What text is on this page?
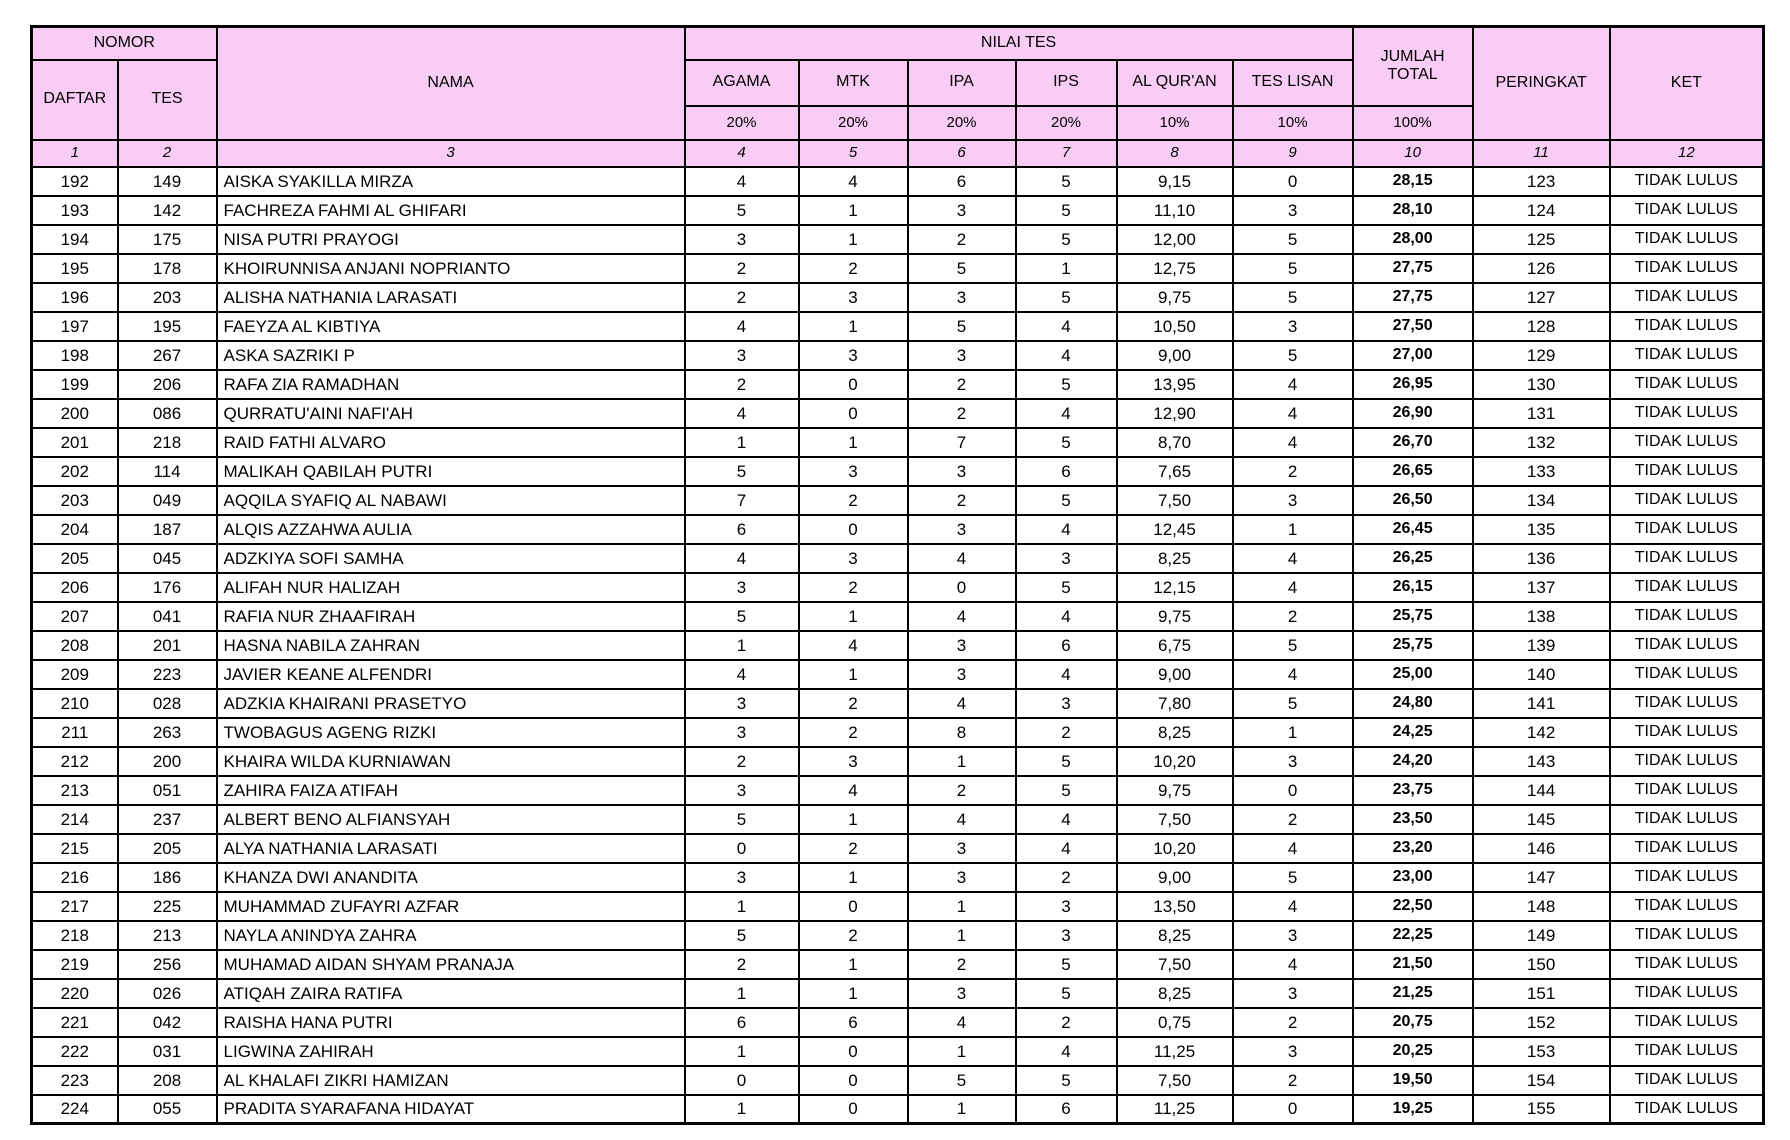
NOMOR		NAMA	NILAI TES						JUMLAH
TOTAL	PERINGKAT	KET
DAFTAR	TES		AGAMA	MTK	IPA	IPS	AL QUR'AN	TES LISAN			
			20%	20%	20%	20%	10%	10%	100%		
1	2	3	4	5	6	7	8	9	10	11	12
192	149	AISKA SYAKILLA MIRZA	4	4	6	5	9,15	0	28,15	123	TIDAK LULUS
193	142	FACHREZA FAHMI AL GHIFARI	5	1	3	5	11,10	3	28,10	124	TIDAK LULUS
194	175	NISA PUTRI PRAYOGI	3	1	2	5	12,00	5	28,00	125	TIDAK LULUS
195	178	KHOIRUNNISA ANJANI NOPRIANTO	2	2	5	1	12,75	5	27,75	126	TIDAK LULUS
196	203	ALISHA NATHANIA LARASATI	2	3	3	5	9,75	5	27,75	127	TIDAK LULUS
197	195	FAEYZA AL KIBTIYA	4	1	5	4	10,50	3	27,50	128	TIDAK LULUS
198	267	ASKA SAZRIKI P	3	3	3	4	9,00	5	27,00	129	TIDAK LULUS
199	206	RAFA ZIA RAMADHAN	2	0	2	5	13,95	4	26,95	130	TIDAK LULUS
200	086	QURRATU'AINI NAFI'AH	4	0	2	4	12,90	4	26,90	131	TIDAK LULUS
201	218	RAID FATHI ALVARO	1	1	7	5	8,70	4	26,70	132	TIDAK LULUS
202	114	MALIKAH QABILAH PUTRI	5	3	3	6	7,65	2	26,65	133	TIDAK LULUS
203	049	AQQILA SYAFIQ AL NABAWI	7	2	2	5	7,50	3	26,50	134	TIDAK LULUS
204	187	ALQIS AZZAHWA AULIA	6	0	3	4	12,45	1	26,45	135	TIDAK LULUS
205	045	ADZKIYA SOFI SAMHA	4	3	4	3	8,25	4	26,25	136	TIDAK LULUS
206	176	ALIFAH NUR HALIZAH	3	2	0	5	12,15	4	26,15	137	TIDAK LULUS
207	041	RAFIA NUR ZHAAFIRAH	5	1	4	4	9,75	2	25,75	138	TIDAK LULUS
208	201	HASNA NABILA ZAHRAN	1	4	3	6	6,75	5	25,75	139	TIDAK LULUS
209	223	JAVIER KEANE ALFENDRI	4	1	3	4	9,00	4	25,00	140	TIDAK LULUS
210	028	ADZKIA KHAIRANI PRASETYO	3	2	4	3	7,80	5	24,80	141	TIDAK LULUS
211	263	TWOBAGUS AGENG RIZKI	3	2	8	2	8,25	1	24,25	142	TIDAK LULUS
212	200	KHAIRA WILDA KURNIAWAN	2	3	1	5	10,20	3	24,20	143	TIDAK LULUS
213	051	ZAHIRA FAIZA ATIFAH	3	4	2	5	9,75	0	23,75	144	TIDAK LULUS
214	237	ALBERT BENO ALFIANSYAH	5	1	4	4	7,50	2	23,50	145	TIDAK LULUS
215	205	ALYA NATHANIA LARASATI	0	2	3	4	10,20	4	23,20	146	TIDAK LULUS
216	186	KHANZA DWI ANANDITA	3	1	3	2	9,00	5	23,00	147	TIDAK LULUS
217	225	MUHAMMAD ZUFAYRI AZFAR	1	0	1	3	13,50	4	22,50	148	TIDAK LULUS
218	213	NAYLA ANINDYA ZAHRA	5	2	1	3	8,25	3	22,25	149	TIDAK LULUS
219	256	MUHAMAD AIDAN SHYAM PRANAJA	2	1	2	5	7,50	4	21,50	150	TIDAK LULUS
220	026	ATIQAH ZAIRA RATIFA	1	1	3	5	8,25	3	21,25	151	TIDAK LULUS
221	042	RAISHA HANA PUTRI	6	6	4	2	0,75	2	20,75	152	TIDAK LULUS
222	031	LIGWINA ZAHIRAH	1	0	1	4	11,25	3	20,25	153	TIDAK LULUS
223	208	AL KHALAFI ZIKRI HAMIZAN	0	0	5	5	7,50	2	19,50	154	TIDAK LULUS
224	055	PRADITA SYARAFANA HIDAYAT	1	0	1	6	11,25	0	19,25	155	TIDAK LULUS
